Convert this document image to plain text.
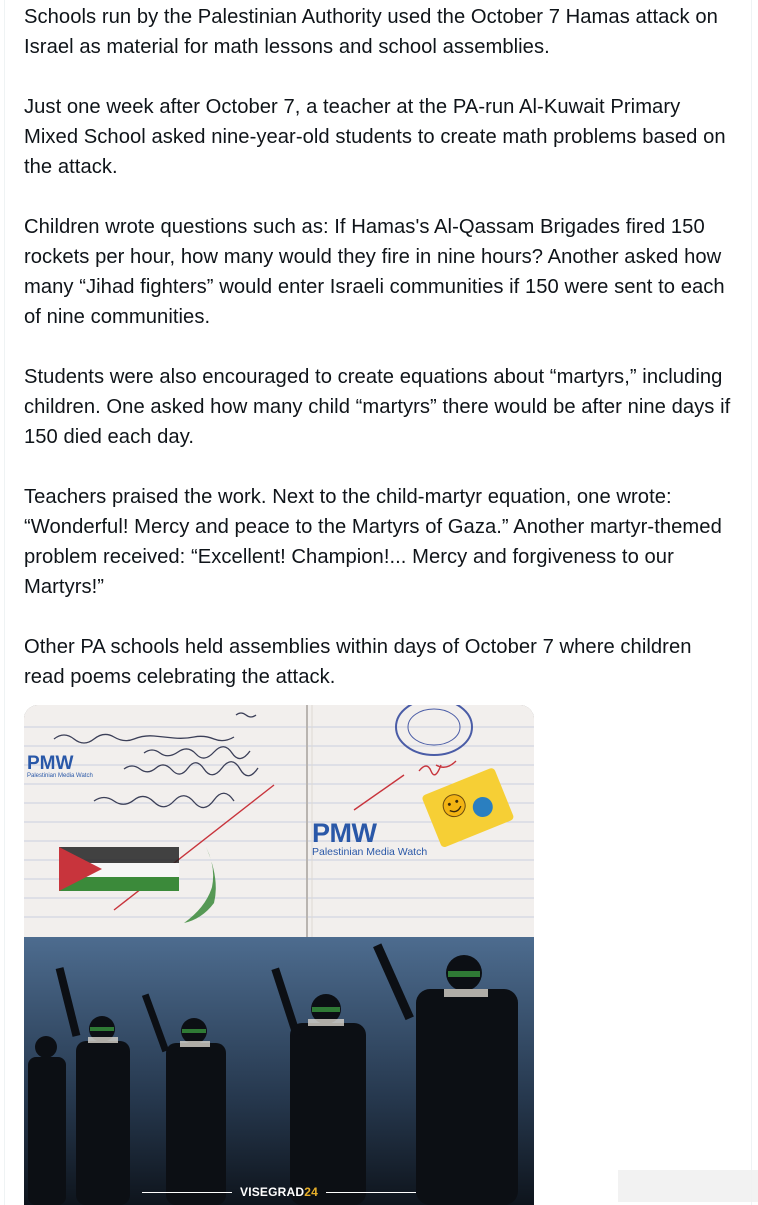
Schools run by the Palestinian Authority used the October 7 Hamas attack on Israel as material for math lessons and school assemblies.

Just one week after October 7, a teacher at the PA-run Al-Kuwait Primary Mixed School asked nine-year-old students to create math problems based on the attack.

Children wrote questions such as: If Hamas's Al-Qassam Brigades fired 150 rockets per hour, how many would they fire in nine hours? Another asked how many “Jihad fighters” would enter Israeli communities if 150 were sent to each of nine communities.

Students were also encouraged to create equations about “martyrs,” including children. One asked how many child “martyrs” there would be after nine days if 150 died each day.

Teachers praised the work. Next to the child-martyr equation, one wrote: “Wonderful! Mercy and peace to the Martyrs of Gaza.” Another martyr-themed problem received: “Excellent! Champion!... Mercy and forgiveness to our Martyrs!”

Other PA schools held assemblies within days of October 7 where children read poems celebrating the attack.

PMW
Palestinian Media Watch
PMW
Palestinian Media Watch
VISEGRAD24
